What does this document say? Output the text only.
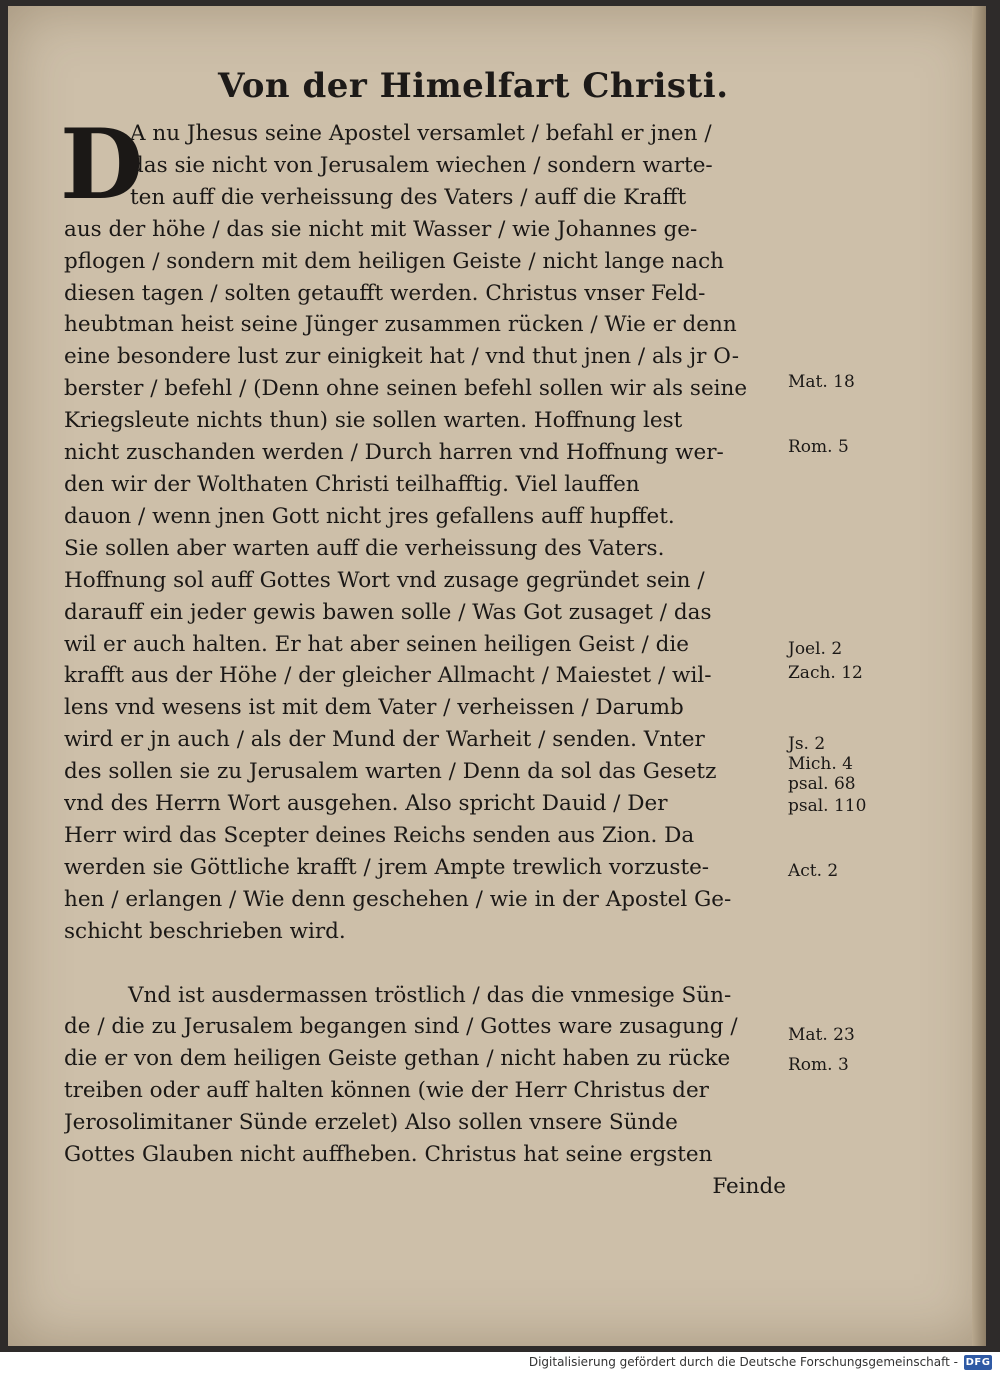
Von der Himelfart Christi.
D
A nu Jhesus seine Apostel versamlet / befahl er jnen /
das sie nicht von Jerusalem wiechen / sondern warte-
ten auff die verheissung des Vaters / auff die Krafft
aus der höhe / das sie nicht mit Wasser / wie Johannes ge-
pflogen / sondern mit dem heiligen Geiste / nicht lange nach
diesen tagen / solten getaufft werden. Christus vnser Feld-
heubtman heist seine Jünger zusammen rücken / Wie er denn
eine besondere lust zur einigkeit hat / vnd thut jnen / als jr O-
berster / befehl / (Denn ohne seinen befehl sollen wir als seine
Kriegsleute nichts thun) sie sollen warten. Hoffnung lest
nicht zuschanden werden / Durch harren vnd Hoffnung wer-
den wir der Wolthaten Christi teilhafftig. Viel lauffen
dauon / wenn jnen Gott nicht jres gefallens auff hupffet.
Sie sollen aber warten auff die verheissung des Vaters.
Hoffnung sol auff Gottes Wort vnd zusage gegründet sein /
darauff ein jeder gewis bawen solle / Was Got zusaget / das
wil er auch halten. Er hat aber seinen heiligen Geist / die
krafft aus der Höhe / der gleicher Allmacht / Maiestet / wil-
lens vnd wesens ist mit dem Vater / verheissen / Darumb
wird er jn auch / als der Mund der Warheit / senden. Vnter
des sollen sie zu Jerusalem warten / Denn da sol das Gesetz
vnd des Herrn Wort ausgehen. Also spricht Dauid / Der
Herr wird das Scepter deines Reichs senden aus Zion. Da
werden sie Göttliche krafft / jrem Ampte trewlich vorzuste-
hen / erlangen / Wie denn geschehen / wie in der Apostel Ge-
schicht beschrieben wird.
Vnd ist ausdermassen tröstlich / das die vnmesige Sün-
de / die zu Jerusalem begangen sind / Gottes ware zusagung /
die er von dem heiligen Geiste gethan / nicht haben zu rücke
treiben oder auff halten können (wie der Herr Christus der
Jerosolimitaner Sünde erzelet) Also sollen vnsere Sünde
Gottes Glauben nicht auffheben. Christus hat seine ergsten
Feinde
Mat. 18
Rom. 5
Joel. 2
Zach. 12
Js. 2
Mich. 4
psal. 68
psal. 110
Act. 2
Mat. 23
Rom. 3
Digitalisierung gefördert durch die Deutsche Forschungsgemeinschaft - DFG
